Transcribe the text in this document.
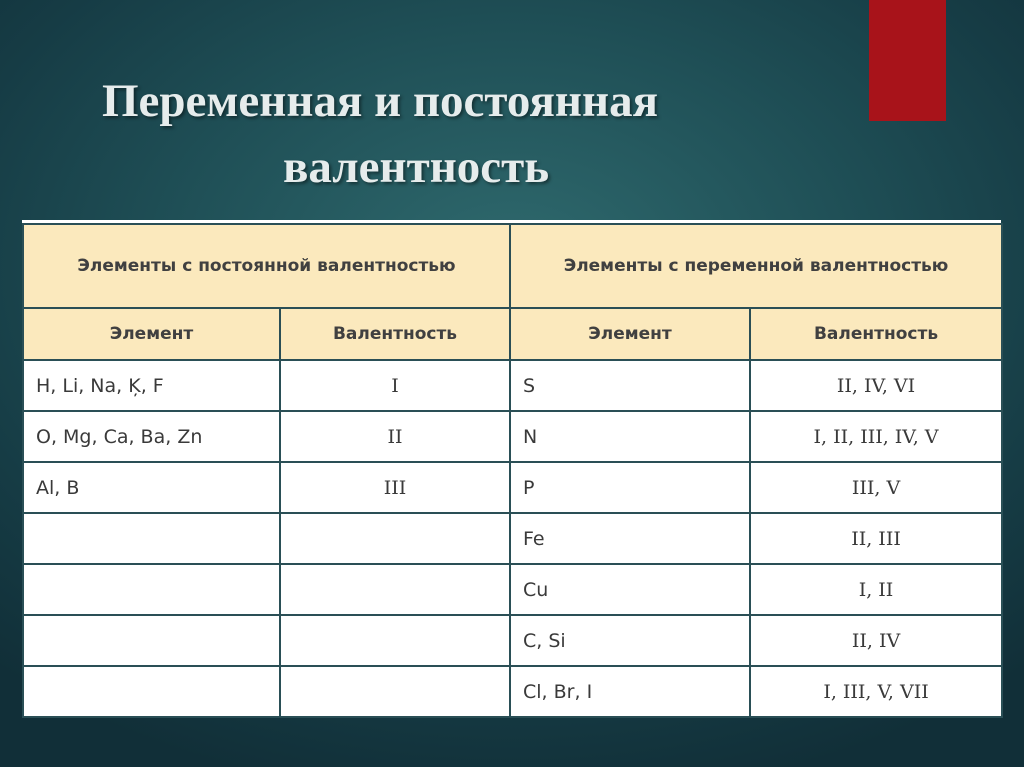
Переменная и постоянная
валентность
Элементы с постоянной валентностью		Элементы с переменной валентностью	
Элемент	Валентность	Элемент	Валентность
H, Li, Na, Ķ, F	I	S	II, IV, VI
O, Mg, Ca, Ba, Zn	II	N	I, II, III, IV, V
Al, B	III	P	III, V
		Fe	II, III
		Cu	I, II
		C, Si	II, IV
		Cl, Br, I	I, III, V, VII
